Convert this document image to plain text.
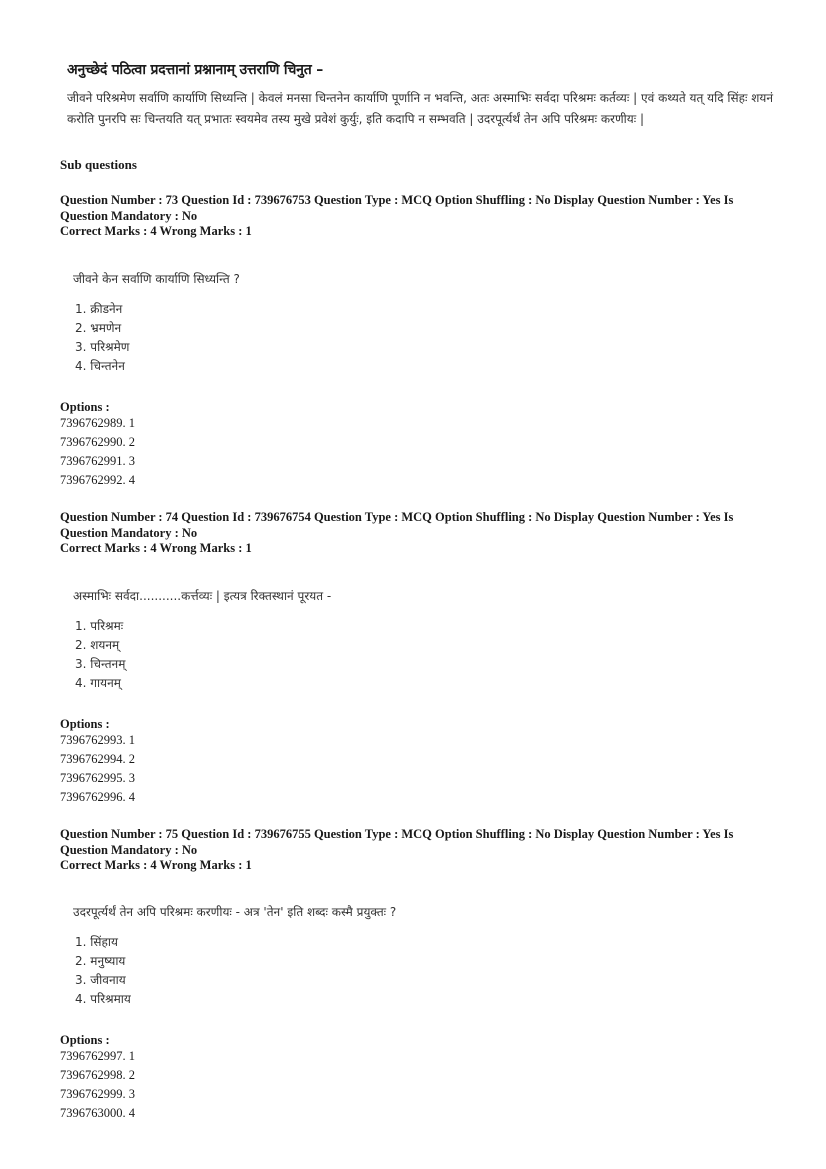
अनुच्छेदं पठित्वा प्रदत्तानां प्रश्नानाम् उत्तराणि चिनुत –
जीवने परिश्रमेण सर्वाणि कार्याणि सिध्यन्ति | केवलं मनसा चिन्तनेन कार्याणि पूर्णानि न भवन्ति, अतः अस्माभिः सर्वदा परिश्रमः कर्तव्यः | एवं कथ्यते यत् यदि सिंहः शयनं करोति पुनरपि सः चिन्तयति यत् प्रभातः स्वयमेव तस्य मुखे प्रवेशं कुर्युः, इति कदापि न सम्भवति | उदरपूर्त्यर्थं तेन अपि परिश्रमः करणीयः |
Sub questions
Question Number : 73 Question Id : 739676753 Question Type : MCQ Option Shuffling : No Display Question Number : Yes Is
Question Mandatory : No
Correct Marks : 4 Wrong Marks : 1
जीवने केन सर्वाणि कार्याणि सिध्यन्ति ?
1. क्रीडनेन
2. भ्रमणेन
3. परिश्रमेण
4. चिन्तनेन
Options :
7396762989. 1
7396762990. 2
7396762991. 3
7396762992. 4
Question Number : 74 Question Id : 739676754 Question Type : MCQ Option Shuffling : No Display Question Number : Yes Is
Question Mandatory : No
Correct Marks : 4 Wrong Marks : 1
अस्माभिः सर्वदा...........कर्त्तव्यः | इत्यत्र रिक्तस्थानं पूरयत -
1. परिश्रमः
2. शयनम्
3. चिन्तनम्
4. गायनम्
Options :
7396762993. 1
7396762994. 2
7396762995. 3
7396762996. 4
Question Number : 75 Question Id : 739676755 Question Type : MCQ Option Shuffling : No Display Question Number : Yes Is
Question Mandatory : No
Correct Marks : 4 Wrong Marks : 1
उदरपूर्त्यर्थं तेन अपि परिश्रमः करणीयः - अत्र 'तेन' इति शब्दः कस्मै प्रयुक्तः ?
1. सिंहाय
2. मनुष्याय
3. जीवनाय
4. परिश्रमाय
Options :
7396762997. 1
7396762998. 2
7396762999. 3
7396763000. 4
